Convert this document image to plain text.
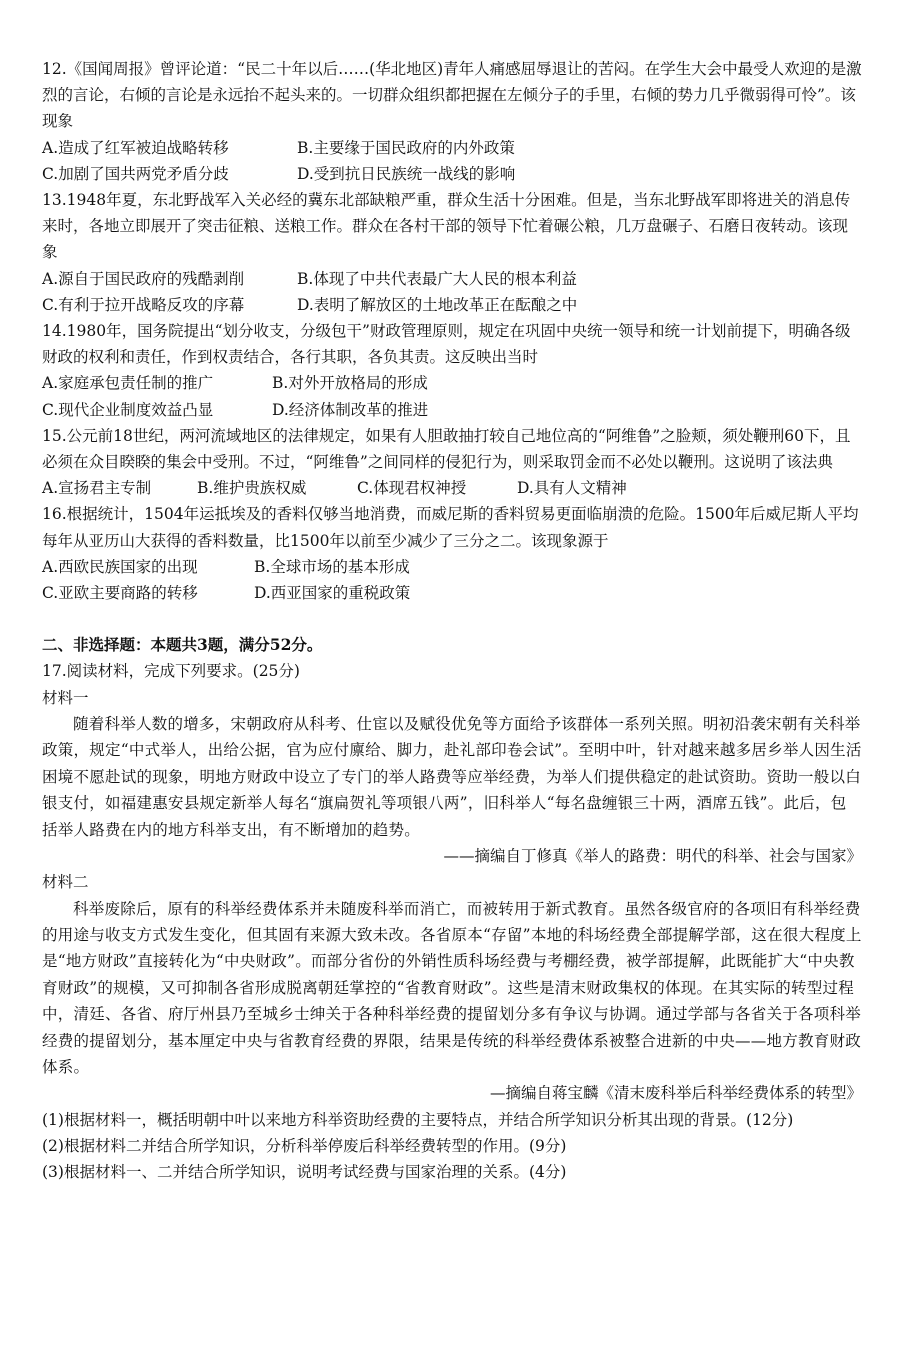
12.《国闻周报》曾评论道：“民二十年以后……(华北地区)青年人痛感屈辱退让的苦闷。在学生大会中最受人欢迎的是激烈的言论，右倾的言论是永远抬不起头来的。一切群众组织都把握在左倾分子的手里，右倾的势力几乎微弱得可怜”。该现象

A.造成了红军被迫战略转移	B.主要缘于国民政府的内外政策
C.加剧了国共两党矛盾分歧	D.受到抗日民族统一战线的影响

13.1948年夏，东北野战军入关必经的冀东北部缺粮严重，群众生活十分困难。但是，当东北野战军即将进关的消息传来时，各地立即展开了突击征粮、送粮工作。群众在各村干部的领导下忙着碾公粮，几万盘碾子、石磨日夜转动。该现象

A.源自于国民政府的残酷剥削	B.体现了中共代表最广大人民的根本利益
C.有利于拉开战略反攻的序幕	D.表明了解放区的土地改革正在酝酿之中

14.1980年，国务院提出“划分收支，分级包干”财政管理原则，规定在巩固中央统一领导和统一计划前提下，明确各级财政的权利和责任，作到权责结合，各行其职，各负其责。这反映出当时

A.家庭承包责任制的推广	B.对外开放格局的形成
C.现代企业制度效益凸显	D.经济体制改革的推进

15.公元前18世纪，两河流域地区的法律规定，如果有人胆敢抽打较自己地位高的“阿维鲁”之脸颊，须处鞭刑60下，且必须在众目睽睽的集会中受刑。不过，“阿维鲁”之间同样的侵犯行为，则采取罚金而不必处以鞭刑。这说明了该法典

A.宣扬君主专制	B.维护贵族权威	C.体现君权神授	D.具有人文精神

16.根据统计，1504年运抵埃及的香料仅够当地消费，而威尼斯的香料贸易更面临崩溃的危险。1500年后威尼斯人平均每年从亚历山大获得的香料数量，比1500年以前至少减少了三分之二。该现象源于

A.西欧民族国家的出现	B.全球市场的基本形成
C.亚欧主要商路的转移	D.西亚国家的重税政策

二、非选择题：本题共3题，满分52分。

17.阅读材料，完成下列要求。(25分)

材料一

随着科举人数的增多，宋朝政府从科考、仕宦以及赋役优免等方面给予该群体一系列关照。明初沿袭宋朝有关科举政策，规定“中式举人，出给公据，官为应付廪给、脚力，赴礼部印卷会试”。至明中叶，针对越来越多居乡举人因生活困境不愿赴试的现象，明地方财政中设立了专门的举人路费等应举经费，为举人们提供稳定的赴试资助。资助一般以白银支付，如福建惠安县规定新举人每名“旗扁贺礼等项银八两”，旧科举人“每名盘缠银三十两，酒席五钱”。此后，包括举人路费在内的地方科举支出，有不断增加的趋势。

——摘编自丁修真《举人的路费：明代的科举、社会与国家》

材料二

科举废除后，原有的科举经费体系并未随废科举而消亡，而被转用于新式教育。虽然各级官府的各项旧有科举经费的用途与收支方式发生变化，但其固有来源大致未改。各省原本“存留”本地的科场经费全部提解学部，这在很大程度上是“地方财政”直接转化为“中央财政”。而部分省份的外销性质科场经费与考棚经费，被学部提解，此既能扩大“中央教育财政”的规模，又可抑制各省形成脱离朝廷掌控的“省教育财政”。这些是清末财政集权的体现。在其实际的转型过程中，清廷、各省、府厅州县乃至城乡士绅关于各种科举经费的提留划分多有争议与协调。通过学部与各省关于各项科举经费的提留划分，基本厘定中央与省教育经费的界限，结果是传统的科举经费体系被整合进新的中央——地方教育财政体系。

—摘编自蒋宝麟《清末废科举后科举经费体系的转型》

(1)根据材料一，概括明朝中叶以来地方科举资助经费的主要特点，并结合所学知识分析其出现的背景。(12分)

(2)根据材料二并结合所学知识，分析科举停废后科举经费转型的作用。(9分)

(3)根据材料一、二并结合所学知识，说明考试经费与国家治理的关系。(4分)
